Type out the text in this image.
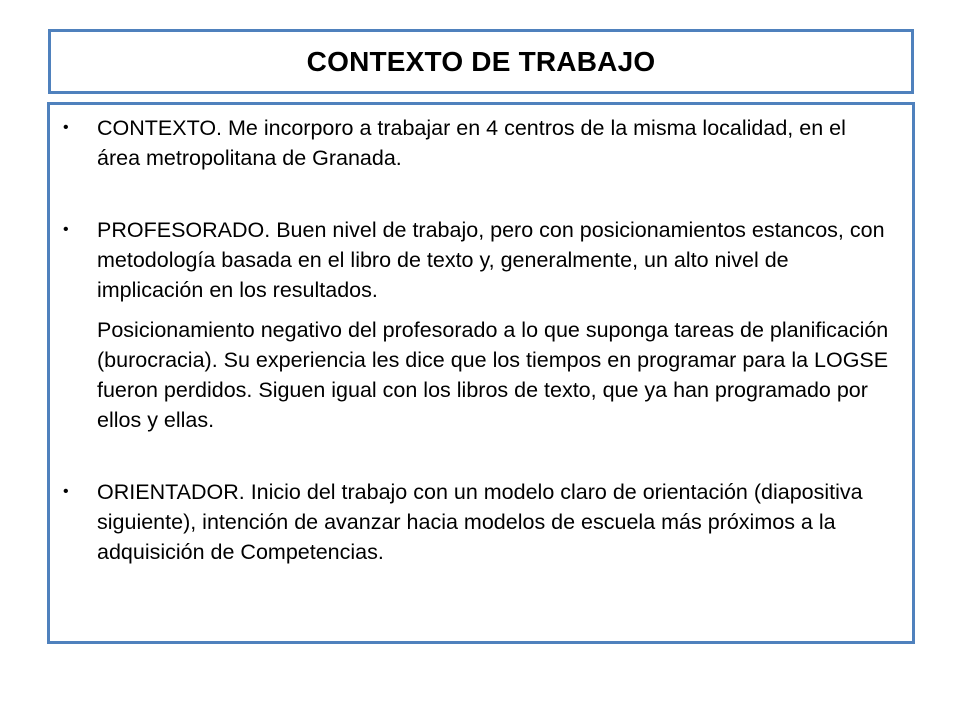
CONTEXTO DE TRABAJO
• CONTEXTO. Me incorporo a trabajar en 4 centros de la misma localidad, en el área metropolitana de Granada.
• PROFESORADO. Buen nivel de trabajo, pero con posicionamientos estancos, con metodología basada en el libro de texto y, generalmente, un alto nivel de implicación en los resultados.
Posicionamiento negativo del profesorado a lo que suponga tareas de planificación (burocracia). Su experiencia les dice que los tiempos en programar para la LOGSE fueron perdidos. Siguen igual con los libros de texto, que ya han programado por ellos y ellas.
• ORIENTADOR. Inicio del trabajo con un modelo claro de orientación (diapositiva siguiente), intención de avanzar hacia modelos de escuela más próximos a la adquisición de Competencias.
